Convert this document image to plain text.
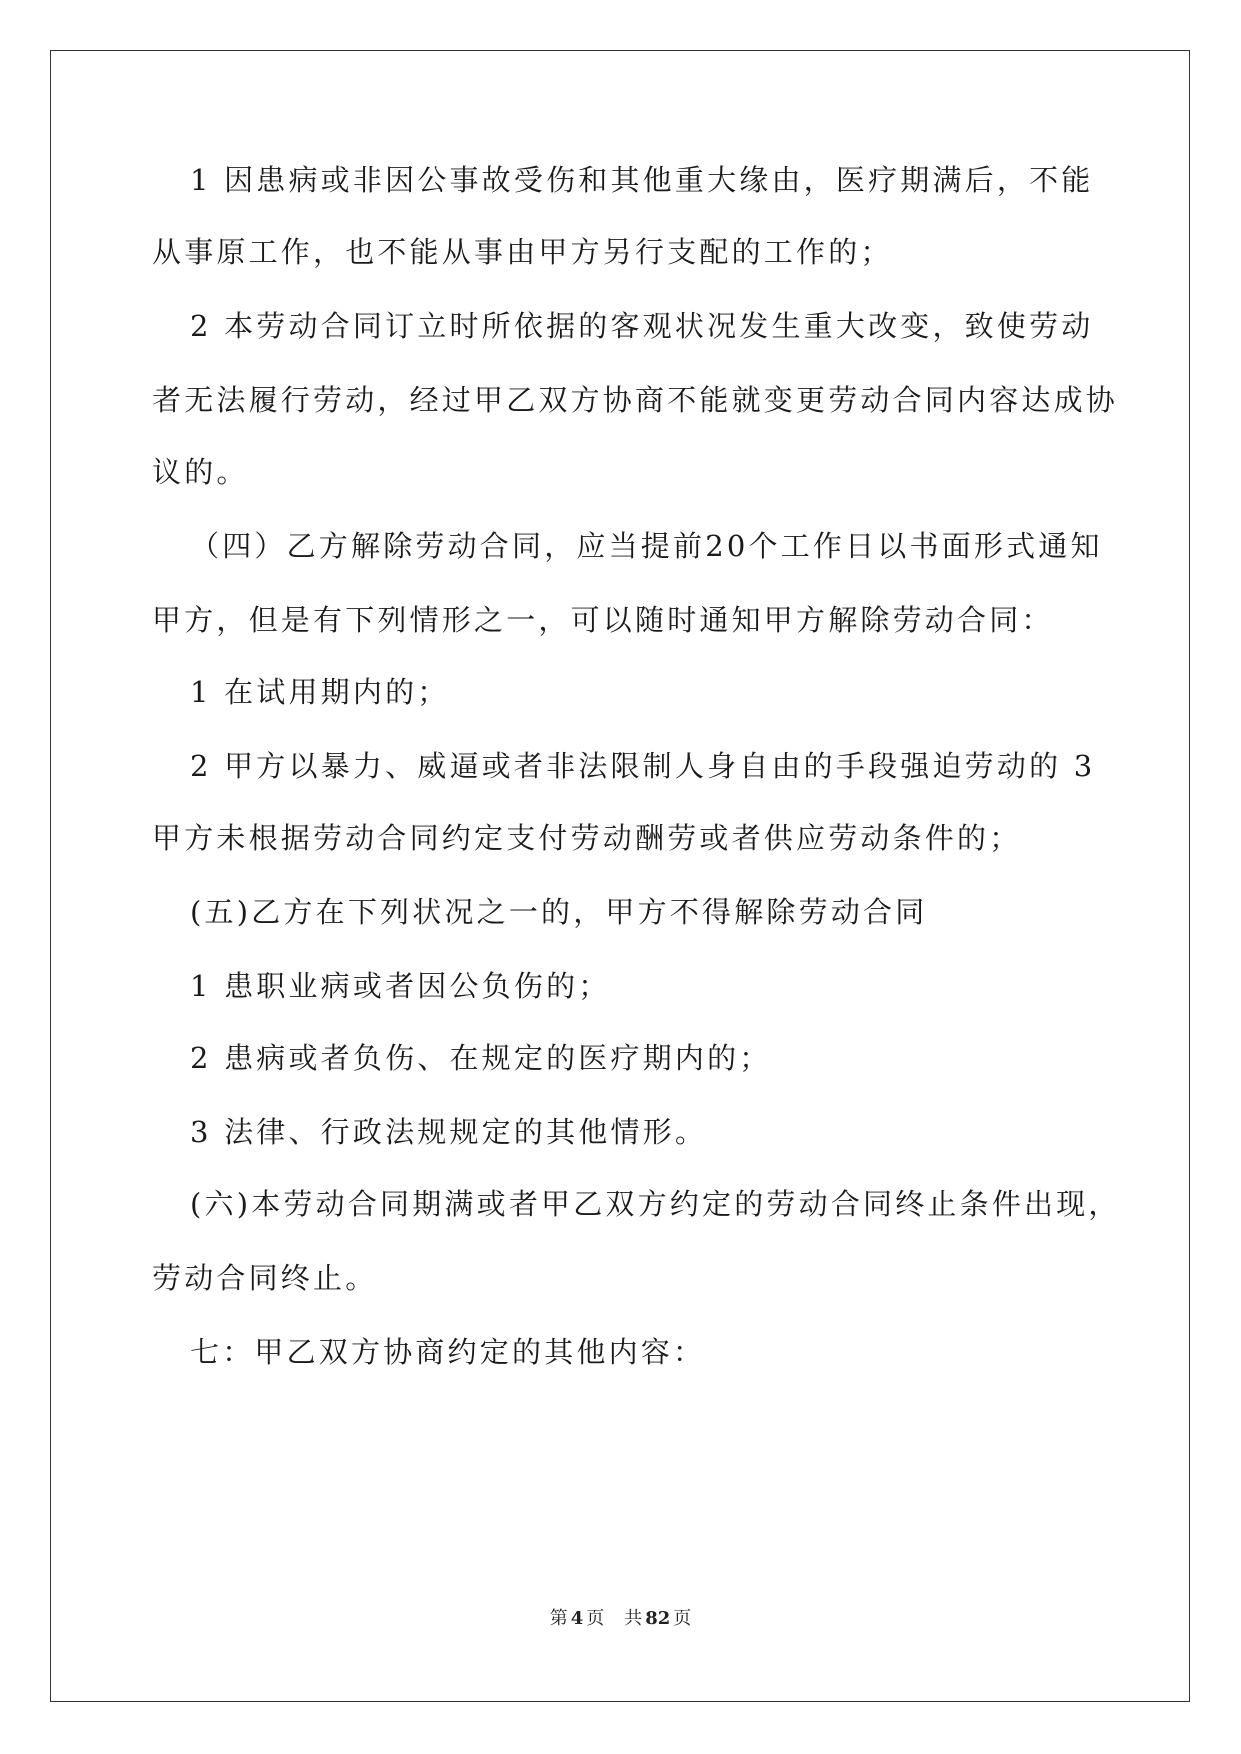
1 因患病或非因公事故受伤和其他重大缘由，医疗期满后，不能
从事原工作，也不能从事由甲方另行支配的工作的；
2 本劳动合同订立时所依据的客观状况发生重大改变，致使劳动
者无法履行劳动，经过甲乙双方协商不能就变更劳动合同内容达成协
议的。
（四）乙方解除劳动合同，应当提前20个工作日以书面形式通知
甲方，但是有下列情形之一，可以随时通知甲方解除劳动合同：
1 在试用期内的；
2 甲方以暴力、威逼或者非法限制人身自由的手段强迫劳动的 3
甲方未根据劳动合同约定支付劳动酬劳或者供应劳动条件的；
(五)乙方在下列状况之一的，甲方不得解除劳动合同
1 患职业病或者因公负伤的；
2 患病或者负伤、在规定的医疗期内的；
3 法律、行政法规规定的其他情形。
(六)本劳动合同期满或者甲乙双方约定的劳动合同终止条件出现，
劳动合同终止。
七：甲乙双方协商约定的其他内容：
第 4 页 共 82 页
